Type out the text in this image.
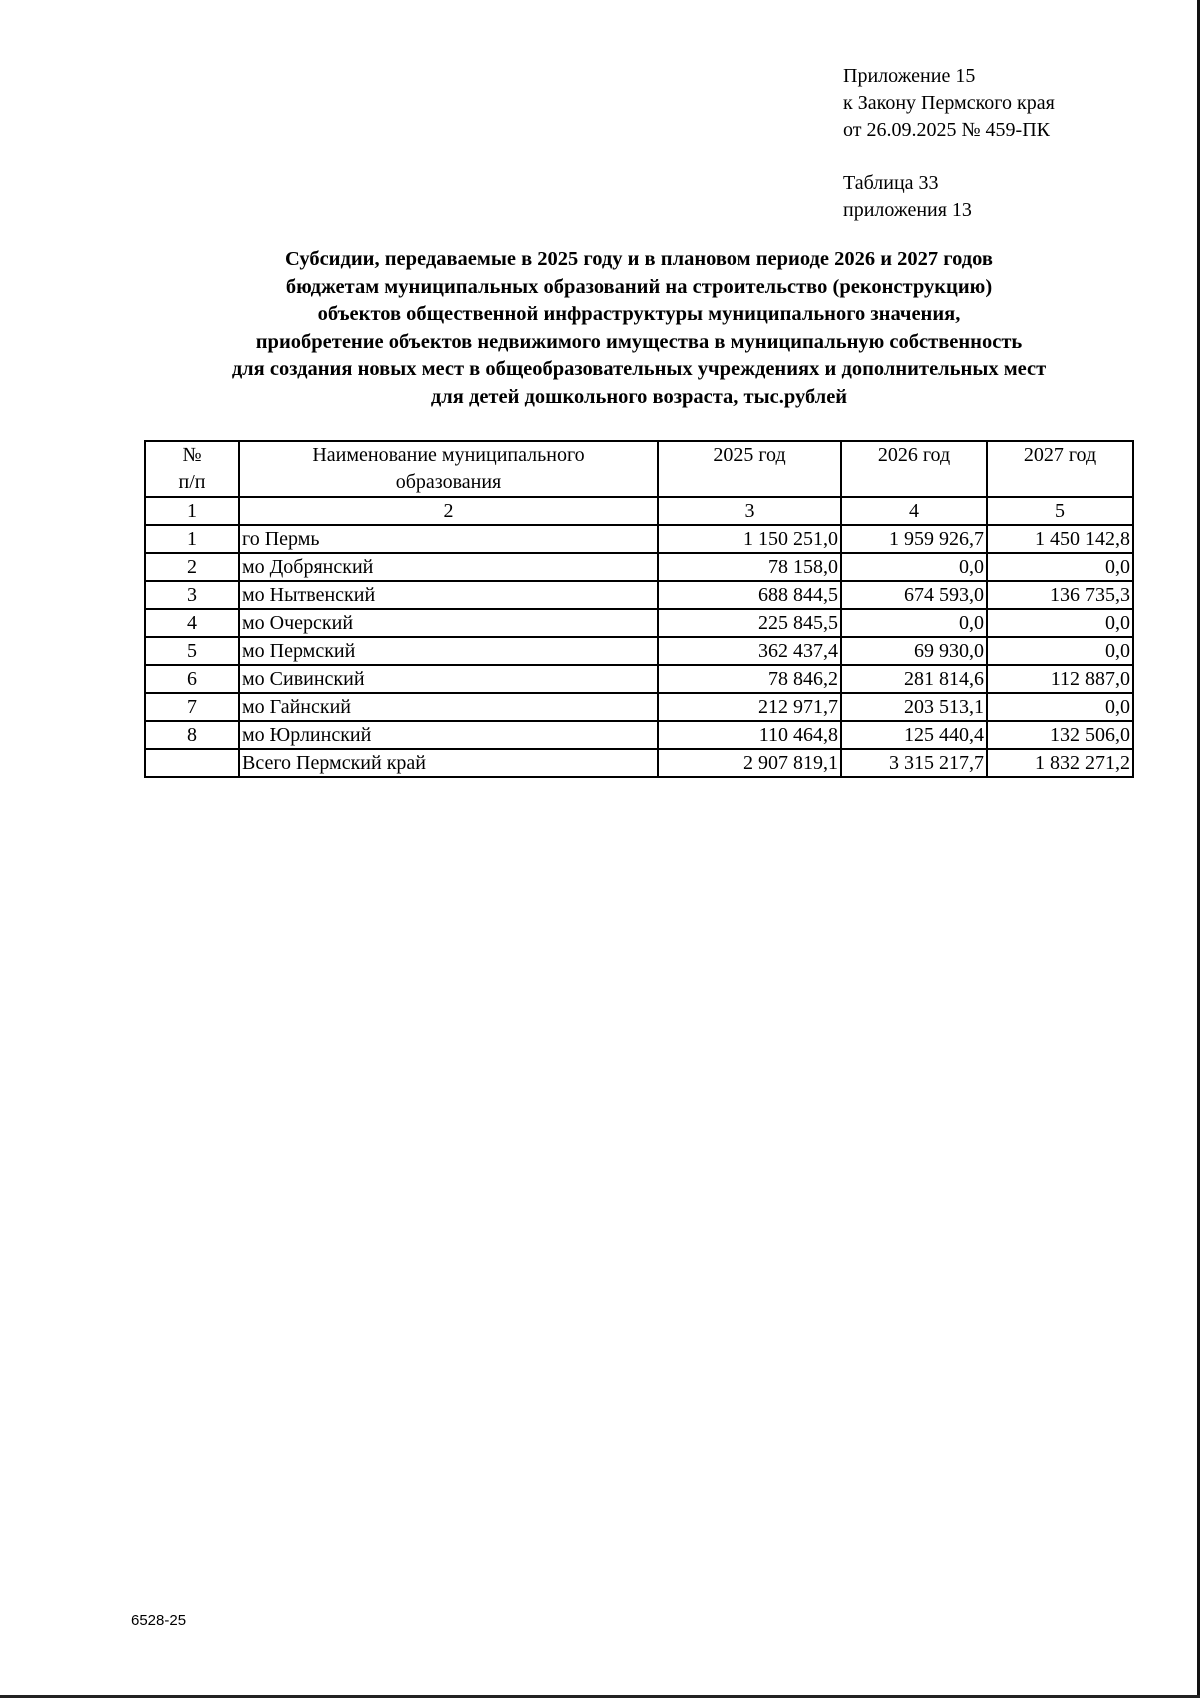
Приложение 15
к Закону Пермского края
от 26.09.2025 № 459-ПК
Таблица 33
приложения 13
Субсидии, передаваемые в 2025 году и в плановом периоде 2026 и 2027 годов
бюджетам муниципальных образований на строительство (реконструкцию)
объектов общественной инфраструктуры муниципального значения,
приобретение объектов недвижимого имущества в муниципальную собственность
для создания новых мест в общеобразовательных учреждениях и дополнительных мест
для детей дошкольного возраста, тыс.рублей
№
п/п	Наименование муниципального образования	2025 год	2026 год	2027 год
1	2	3	4	5
1	го Пермь	1 150 251,0	1 959 926,7	1 450 142,8
2	мо Добрянский	78 158,0	0,0	0,0
3	мо Нытвенский	688 844,5	674 593,0	136 735,3
4	мо Очерский	225 845,5	0,0	0,0
5	мо Пермский	362 437,4	69 930,0	0,0
6	мо Сивинский	78 846,2	281 814,6	112 887,0
7	мо Гайнский	212 971,7	203 513,1	0,0
8	мо Юрлинский	110 464,8	125 440,4	132 506,0
	Всего Пермский край	2 907 819,1	3 315 217,7	1 832 271,2
6528-25
